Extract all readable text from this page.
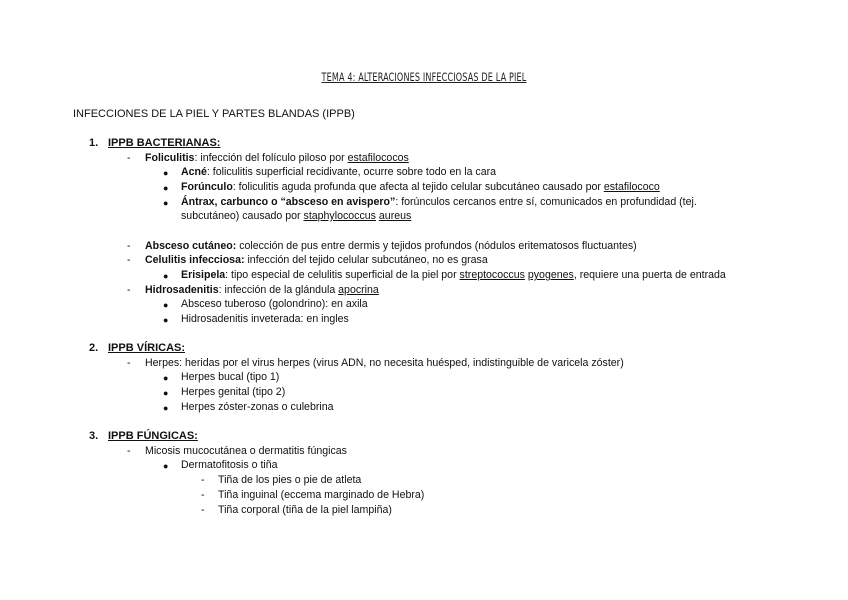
TEMA 4: ALTERACIONES INFECCIOSAS DE LA PIEL
INFECCIONES DE LA PIEL Y PARTES BLANDAS (IPPB)
1. IPPB BACTERIANAS:
- Foliculitis: infección del folículo piloso por estafilococos
● Acné: foliculitis superficial recidivante, ocurre sobre todo en la cara
● Forúnculo: foliculitis aguda profunda que afecta al tejido celular subcutáneo causado por estafilococo
● Ántrax, carbunco o “absceso en avispero”: forúnculos cercanos entre sí, comunicados en profundidad (tej.
subcutáneo) causado por staphylococcus aureus
- Absceso cutáneo: colección de pus entre dermis y tejidos profundos (nódulos eritematosos fluctuantes)
- Celulitis infecciosa: infección del tejido celular subcutáneo, no es grasa
● Erisipela: tipo especial de celulitis superficial de la piel por streptococcus pyogenes, requiere una puerta de entrada
- Hidrosadenitis: infección de la glándula apocrina
● Absceso tuberoso (golondrino): en axila
● Hidrosadenitis inveterada: en ingles
2. IPPB VÍRICAS:
- Herpes: heridas por el virus herpes (virus ADN, no necesita huésped, indistinguible de varicela zóster)
● Herpes bucal (tipo 1)
● Herpes genital (tipo 2)
● Herpes zóster-zonas o culebrina
3. IPPB FÚNGICAS:
- Micosis mucocutánea o dermatitis fúngicas
● Dermatofitosis o tiña
- Tiña de los pies o pie de atleta
- Tiña inguinal (eccema marginado de Hebra)
- Tiña corporal (tiña de la piel lampiña)
